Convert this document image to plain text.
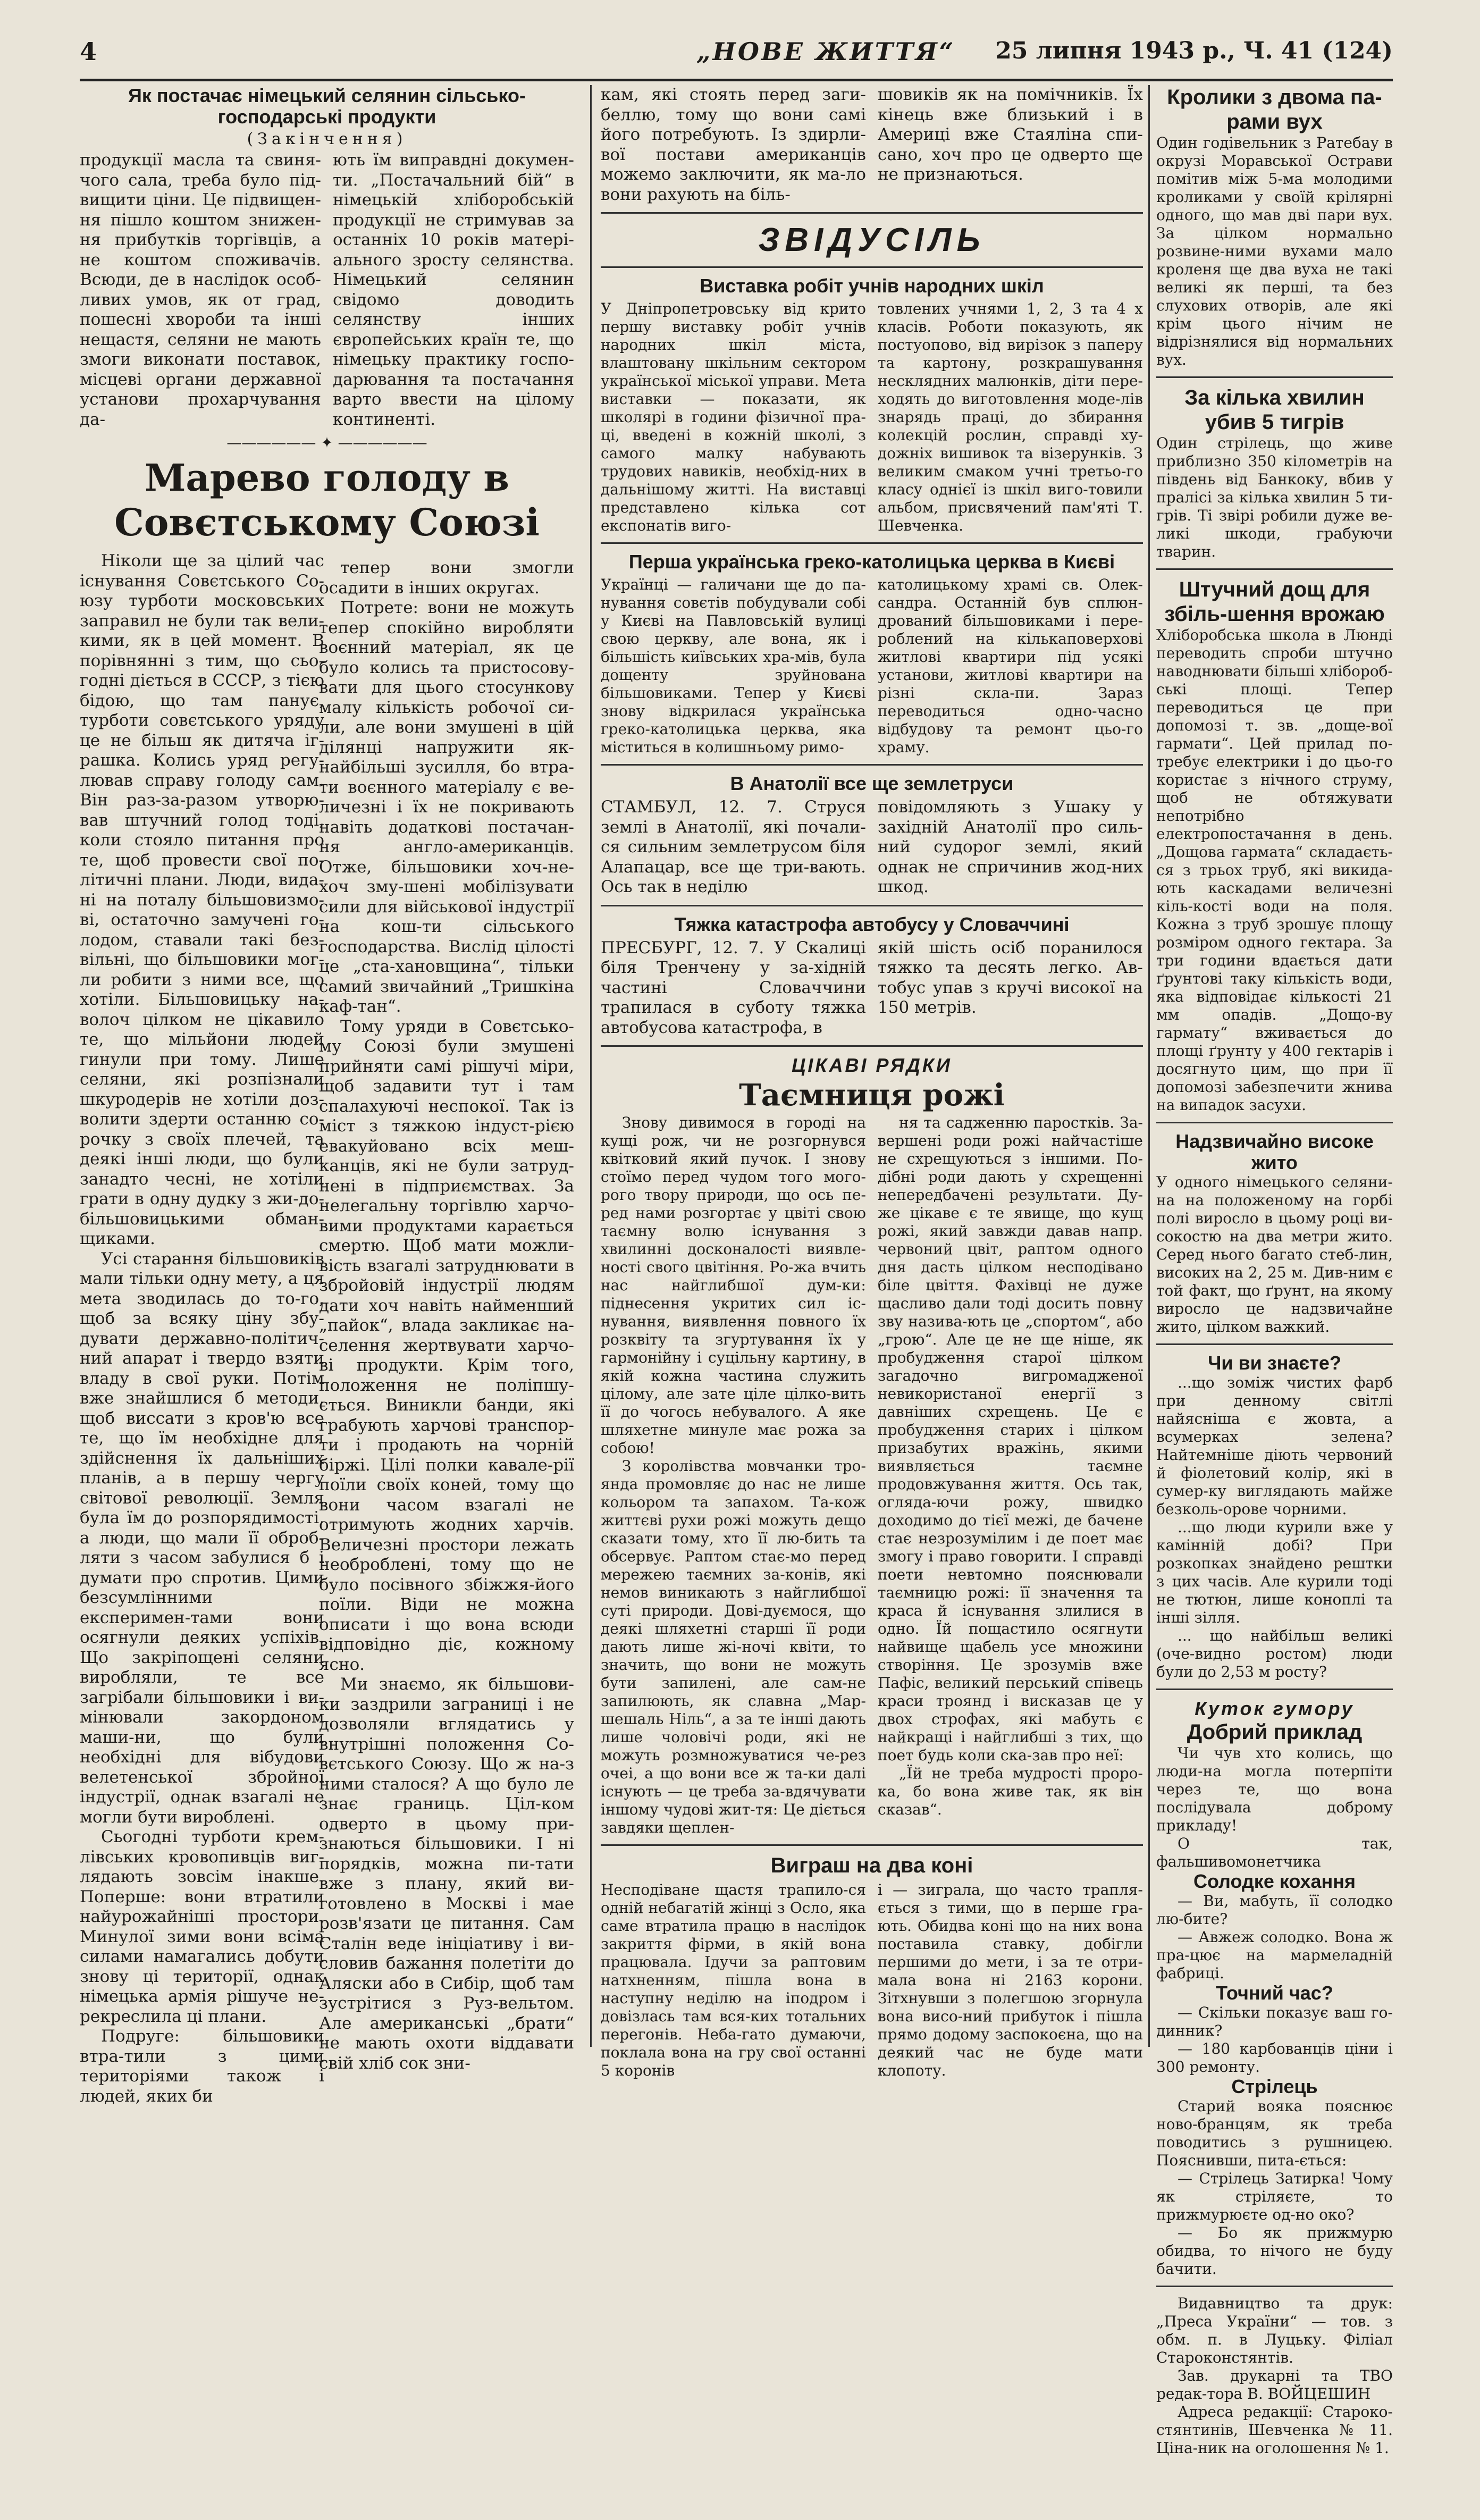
4	„НОВЕ ЖИТТЯ“ 25 липня 1943 р., Ч. 41 (124)
Як постачає німецький селянин сільсько-господарські продукти
(Закінчення)
продукції масла та свиня-чого сала, треба було під-вищити ціни. Це підвищен-ня пішло коштом знижен-ня прибутків торгівців, а не коштом споживачів. Всюди, де в наслідок особ-ливих умов, як от град, пошесні хвороби та інші нещастя, селяни не мають змоги виконати поставок, місцеві органи державної установи прохарчування да-
ють їм виправдні докумен-ти. „Постачальний бій“ в німецькій хліборобській продукції не стримував за останніх 10 років матері-ального зросту селянства. Німецький селянин свідомо доводить селянству інших європейських країн те, що німецьку практику госпо-дарювання та постачання варто ввести на цілому континенті.
—————— ✦ ——————
Марево голоду в Совєтському Союзі

Ніколи ще за цілий час існування Совєтського Со-юзу турботи московських заправил не були так вели-кими, як в цей момент. В порівнянні з тим, що сьо-годні діється в СССР, з тією бідою, що там панує, турботи совєтського уряду це не більш як дитяча іг-рашка. Колись уряд регу-лював справу голоду сам. Він раз-за-разом утворю-вав штучний голод тоді, коли стояло питання про те, щоб провести свої по-літичні плани. Люди, вида-ні на поталу більшовизмо-ві, остаточно замучені го-лодом, ставали такі без-вільні, що більшовики мог-ли робити з ними все, що хотіли. Більшовицьку на-волоч цілком не цікавило те, що мільйони людей гинули при тому. Лише селяни, які розпізнали шкуродерів не хотіли доз-волити здерти останню со-рочку з своїх плечей, та деякі інші люди, що були занадто чесні, не хотіли грати в одну дудку з жи-до-більшовицькими обман-щиками.

Усі старання більшовиків мали тільки одну мету, а ця мета зводилась до то-го, щоб за всяку ціну збу-дувати державно-політич-ний апарат і твердо взяти владу в свої руки. Потім вже знайшлися б методи, щоб виссати з кров'ю все те, що їм необхідне для здійснення їх дальніших планів, а в першу чергу світової революції. Земля була їм до розпорядимості, а люди, що мали її оброб-ляти з часом забулися б і думати про спротив. Цими безсумлінними експеримен-тами вони осягнули деяких успіхів. Що закріпощені селяни виробляли, те все загрібали більшовики і ви-мінювали закордоном маши-ни, що були необхідні для вібудови велетенської збройної індустрії, однак взагалі не могли бути вироблені.

Сьогодні турботи крем-лівських кровопивців виг-лядають зовсім інакше. Поперше: вони втратили найурожайніші простори. Минулої зими вони всіма силами намагались добути знову ці території, однак німецька армія рішуче не-рекреслила ці плани.

Подруге: більшовики втра-тили з цими територіями також і людей, яких би

тепер вони змогли осадити в інших округах.

Потрете: вони не можуть тепер спокійно виробляти воєнний матеріал, як це було колись та пристосову-вати для цього стосункову малу кількість робочої си-ли, але вони змушені в цій ділянці напружити як-найбільші зусилля, бо втра-ти воєнного матеріалу є ве-личезні і їх не покривають навіть додаткові постачан-ня англо-американців. Отже, більшовики хоч-не-хоч зму-шені мобілізувати сили для військової індустрії на кош-ти сільського господарства. Вислід цілості це „ста-хановщина“, тільки самий звичайний „Тришкіна каф-тан“.

Тому уряди в Совєтсько-му Союзі були змушені прийняти самі рішучі міри, щоб задавити тут і там спалахуючі неспокої. Так із міст з тяжкою індуст-рією евакуйовано всіх меш-канців, які не були затруд-нені в підприємствах. За нелегальну торгівлю харчо-вими продуктами карається смертю. Щоб мати можли-вість взагалі затруднювати в збройовій індустрії людям дати хоч навіть найменший „пайок“, влада закликає на-селення жертвувати харчо-ві продукти. Крім того, положення не поліпшу-ється. Виникли банди, які грабують харчові транспор-ти і продають на чорній біржі. Цілі полки кавале-рії поїли своїх коней, тому що вони часом взагалі не отримують жодних харчів. Величезні простори лежать необроблені, тому що не було посівного збіжжя-його поїли. Віди не можна описати і що вона всюди відповідно діє, кожному ясно.

Ми знаємо, як більшови-ки заздрили заграниці і не дозволяли вглядатись у внутрішні положення Со-вєтського Союзу. Що ж на-з ними сталося? А що було ле знає границь. Ціл-ком одверто в цьому при-знаються більшовики. І ні порядків, можна пи-тати вже з плану, який ви-готовлено в Москві і мае розв'язати це питання. Сам Сталін веде ініціативу і ви-словив бажання полетіти до Аляски або в Сибір, щоб там зустрітися з Руз-вельтом. Але американські „брати“ не мають охоти віддавати свій хліб сок зни-

кам, які стоять перед заги-беллю, тому що вони самі його потребують. Із здирли-вої постави американців можемо заключити, як ма-ло вони рахують на біль-
шовиків як на помічників. Їх кінець вже близький і в Америці вже Стаяліна спи-сано, хоч про це одверто ще не признаються.
ЗВІДУСІЛЬ
Виставка робіт учнів народних шкіл
У Дніпропетровську від крито першу виставку робіт учнів народних шкіл міста, влаштовану шкільним сектором української міської управи. Мета виставки — показати, як школярі в години фізичної пра-ці, введені в кожній школі, з самого малку набувають трудових навиків, необхід-них в дальнішому житті. На виставці представлено кілька сот експонатів виго-
товлених учнями 1, 2, 3 та 4 х класів. Роботи показують, як постуопово, від вирізок з паперу та картону, розкрашування несклядних малюнків, діти пере-ходять до виготовлення моде-лів знарядь праці, до збирання колекцій рослин, справді ху-дожніх вишивок та візерунків. З великим смаком учні третьо-го класу однієї із шкіл виго-товили альбом, присвячений пам'яті Т. Шевченка.
Перша українська греко-католицька церква в Києві
Українці — галичани ще до па-нування совєтів побудували собі у Києві на Павловській вулиці свою церкву, але вона, як і більшість київських хра-мів, була дощенту зруйнована більшовиками. Тепер у Києві знову відкрилася українська греко-католицька церква, яка міститься в колишньому римо-
католицькому храмі св. Олек-сандра. Останній був сплюн-дрований більшовиками і пере-роблений на кількаповерхові житлові квартири під усякі установи, житлові квартири на різні скла-пи. Зараз переводиться одно-часно відбудову та ремонт цьо-го храму.
В Анатолії все ще землетруси
СТАМБУЛ, 12. 7. Струся землі в Анатолії, які почали-ся сильним землетрусом біля Алапацар, все ще три-вають. Ось так в неділю
повідомляють з Ушаку у західній Анатолії про силь-ний судорог землі, який однак не спричинив жод-них шкод.
Тяжка катастрофа автобусу у Словаччині
ПРЕСБУРГ, 12. 7. У Скалиці біля Тренчену у за-хідній частині Словаччини трапилася в суботу тяжка автобусова катастрофа, в
якій шість осіб поранилося тяжко та десять легко. Ав-тобус упав з кручі високої на 150 метрів.
ЦІКАВІ РЯДКИ
Таємниця рожі

Знову дивимося в городі на кущі рож, чи не розгорнувся квітковий який пучок. І знову стоїмо перед чудом того мого-рого твору природи, що ось пе-ред нами розгортає у цвіті свою таємну волю існування з хвилинні досконалості виявле-ності свого цвітіння. Ро-жа вчить нас найглибшої дум-ки: піднесення укритих сил іс-нування, виявлення повного їх розквіту та згуртування їх у гармонійну і суцільну картину, в якій кожна частина служить цілому, але зате ціле цілко-вить її до чогось небувалого. А яке шляхетне минуле має рожа за собою!

З королівства мовчанки тро-янда промовляє до нас не лише кольором та запахом. Та-кож життєві рухи рожі можуть дещо сказати тому, хто її лю-бить та обсервує. Раптом стає-мо перед мережею таємних за-конів, які немов виникають з найглибшої суті природи. Дові-дуємося, що деякі шляхетні старші її роди дають лише жі-ночі квіти, то значить, що вони не можуть бути запилені, але сам-не запилюють, як славна „Мар-шешаль Ніль“, а за те інші дають лише чоловічі роди, які не можуть розмножуватися че-рез очеі, а що вони все ж та-ки далі існують — це треба за-вдячувати іншому чудові жит-тя: Це діється завдяки щеплен-

ня та садженню паростків. За-вершені роди рожі найчастіше не схрещуються з іншими. По-дібні роди дають у схрещенні непередбачені результати. Ду-же цікаве є те явище, що кущ рожі, який завжди давав напр. червоний цвіт, раптом одного дня дасть цілком несподівано біле цвіття. Фахівці не дуже щасливо дали тоді досить повну зву назива-ють це „спортом“, або „грою“. Але це не ще ніше, як пробудження старої цілком загадочно вигромадженої невикористаної енергії з давніших схрещень. Це є пробудження старих і цілком призабутих вражінь, якими виявляється таємне продовжування життя. Ось так, огляда-ючи рожу, швидко доходимо до тієї межі, де бачене стає незрозумілим і де поет має змогу і право говорити. І справді поети невтомно пояснювали таємницю рожі: її значення та краса й існування злилися в одно. Їй пощастило осягнути найвище щабель усе множини створіння. Це зрозумів вже Пафіс, великий перський співець краси троянд і висказав це у двох строфах, які мабуть є найкращі і найглибші з тих, що поет будь коли ска-зав про неї:

„Їй не треба мудрості проро-ка, бо вона живе так, як він сказав“.

Виграш на два коні
Несподіване щастя трапило-ся одній небагатій жінці з Осло, яка саме втратила працю в наслідок закриття фірми, в якій вона працювала. Ідучи за раптовим натхненням, пішла вона в наступну неділю на іподром і довізлась там вся-ких тотальних перегонів. Неба-гато думаючи, поклала вона на гру свої останні 5 коронів
і — зиграла, що часто трапля-ється з тими, що в перше гра-ють. Обидва коні що на них вона поставила ставку, добігли першими до мети, і за те отри-мала вона ні 2163 корони. Зітхнувши з полегшою згорнула вона висо-ний прибуток і пішла прямо додому заспокоєна, що на деякий час не буде мати клопоту.
Кролики з двома па-рами вух
Один годівельник з Ратебау в окрузі Моравської Острави помітив між 5-ма молодими кроликами у своїй крілярні одного, що мав дві пари вух. За цілком нормально розвине-ними вухами мало кроленя ще два вуха не такі великі як перші, та без слухових отворів, але які крім цього нічим не відрізнялися від нормальних вух.
За кілька хвилин убив 5 тигрів
Один стрілець, що живе приблизно 350 кілометрів на південь від Банкоку, вбив у пралісі за кілька хвилин 5 ти-грів. Ті звірі робили дуже ве-ликі шкоди, грабуючи тварин.
Штучний дощ для збіль-шення врожаю
Хліборобська школа в Люнді переводить спроби штучно наводнювати більші хлібороб-ські площі. Тепер переводиться це при допомозі т. зв. „доще-вої гармати“. Цей прилад по-требує електрики і до цьо-го користає з нічного струму, щоб не обтяжувати непотрібно електропостачання в день. „Дощова гармата“ складаєть-ся з трьох труб, які викида-ють каскадами величезні кіль-кості води на поля. Кожна з труб зрошує площу розміром одного гектара. За три години вдається дати ґрунтові таку кількість води, яка відповідає кількості 21 мм опадів. „Дощо-ву гармату“ вживається до площі ґрунту у 400 гектарів і досягнуто цим, що при її допомозі забезпечити жнива на випадок засухи.
Надзвичайно високе жито
У одного німецького селяни-на на положеному на горбі полі виросло в цьому році ви-сокостю на два метри жито. Серед нього багато стеб-лин, високих на 2, 25 м. Див-ним є той факт, що ґрунт, на якому виросло це надзвичайне жито, цілком важкий.
Чи ви знаєте?

...що зоміж чистих фарб при денному світлі найясніша є жовта, а всумерках зелена? Найтемніше діють червоний й фіолетовий колір, які в сумер-ку виглядають майже безколь-орове чорними.

...що люди курили вже у камінній добі? При розкопках знайдено рештки з цих часів. Але курили тоді не тютюн, лише коноплі та інші зілля.

... що найбільш великі (оче-видно ростом) люди були до 2,53 м росту?

Куток гумору
Добрий приклад

Чи чув хто колись, що люди-на могла потерпіти через те, що вона послідувала доброму прикладу!

О так, фальшивомонетчика

Солодке кохання

— Ви, мабуть, її солодко лю-бите?

— Авжеж солодко. Вона ж пра-цює на мармеладній фабриці.

Точний час?

— Скільки показує ваш го-динник?

— 180 карбованців ціни і 300 ремонту.

Стрілець

Старий вояка пояснює ново-бранцям, як треба поводитись з рушницею. Пояснивши, пита-ється:

— Стрілець Затирка! Чому як стріляєте, то прижмурюєте од-но око?

— Бо як прижмурю обидва, то нічого не буду бачити.

Видавництво та друк: „Преса України“ — тов. з обм. п. в Луцьку. Філіал Староконстянтів.

Зав. друкарні та ТВО редак-тора В. ВОЙЦЕШИН

Адреса редакції: Староко-стянтинів, Шевченка № 11. Ціна-ник на оголошення № 1.
